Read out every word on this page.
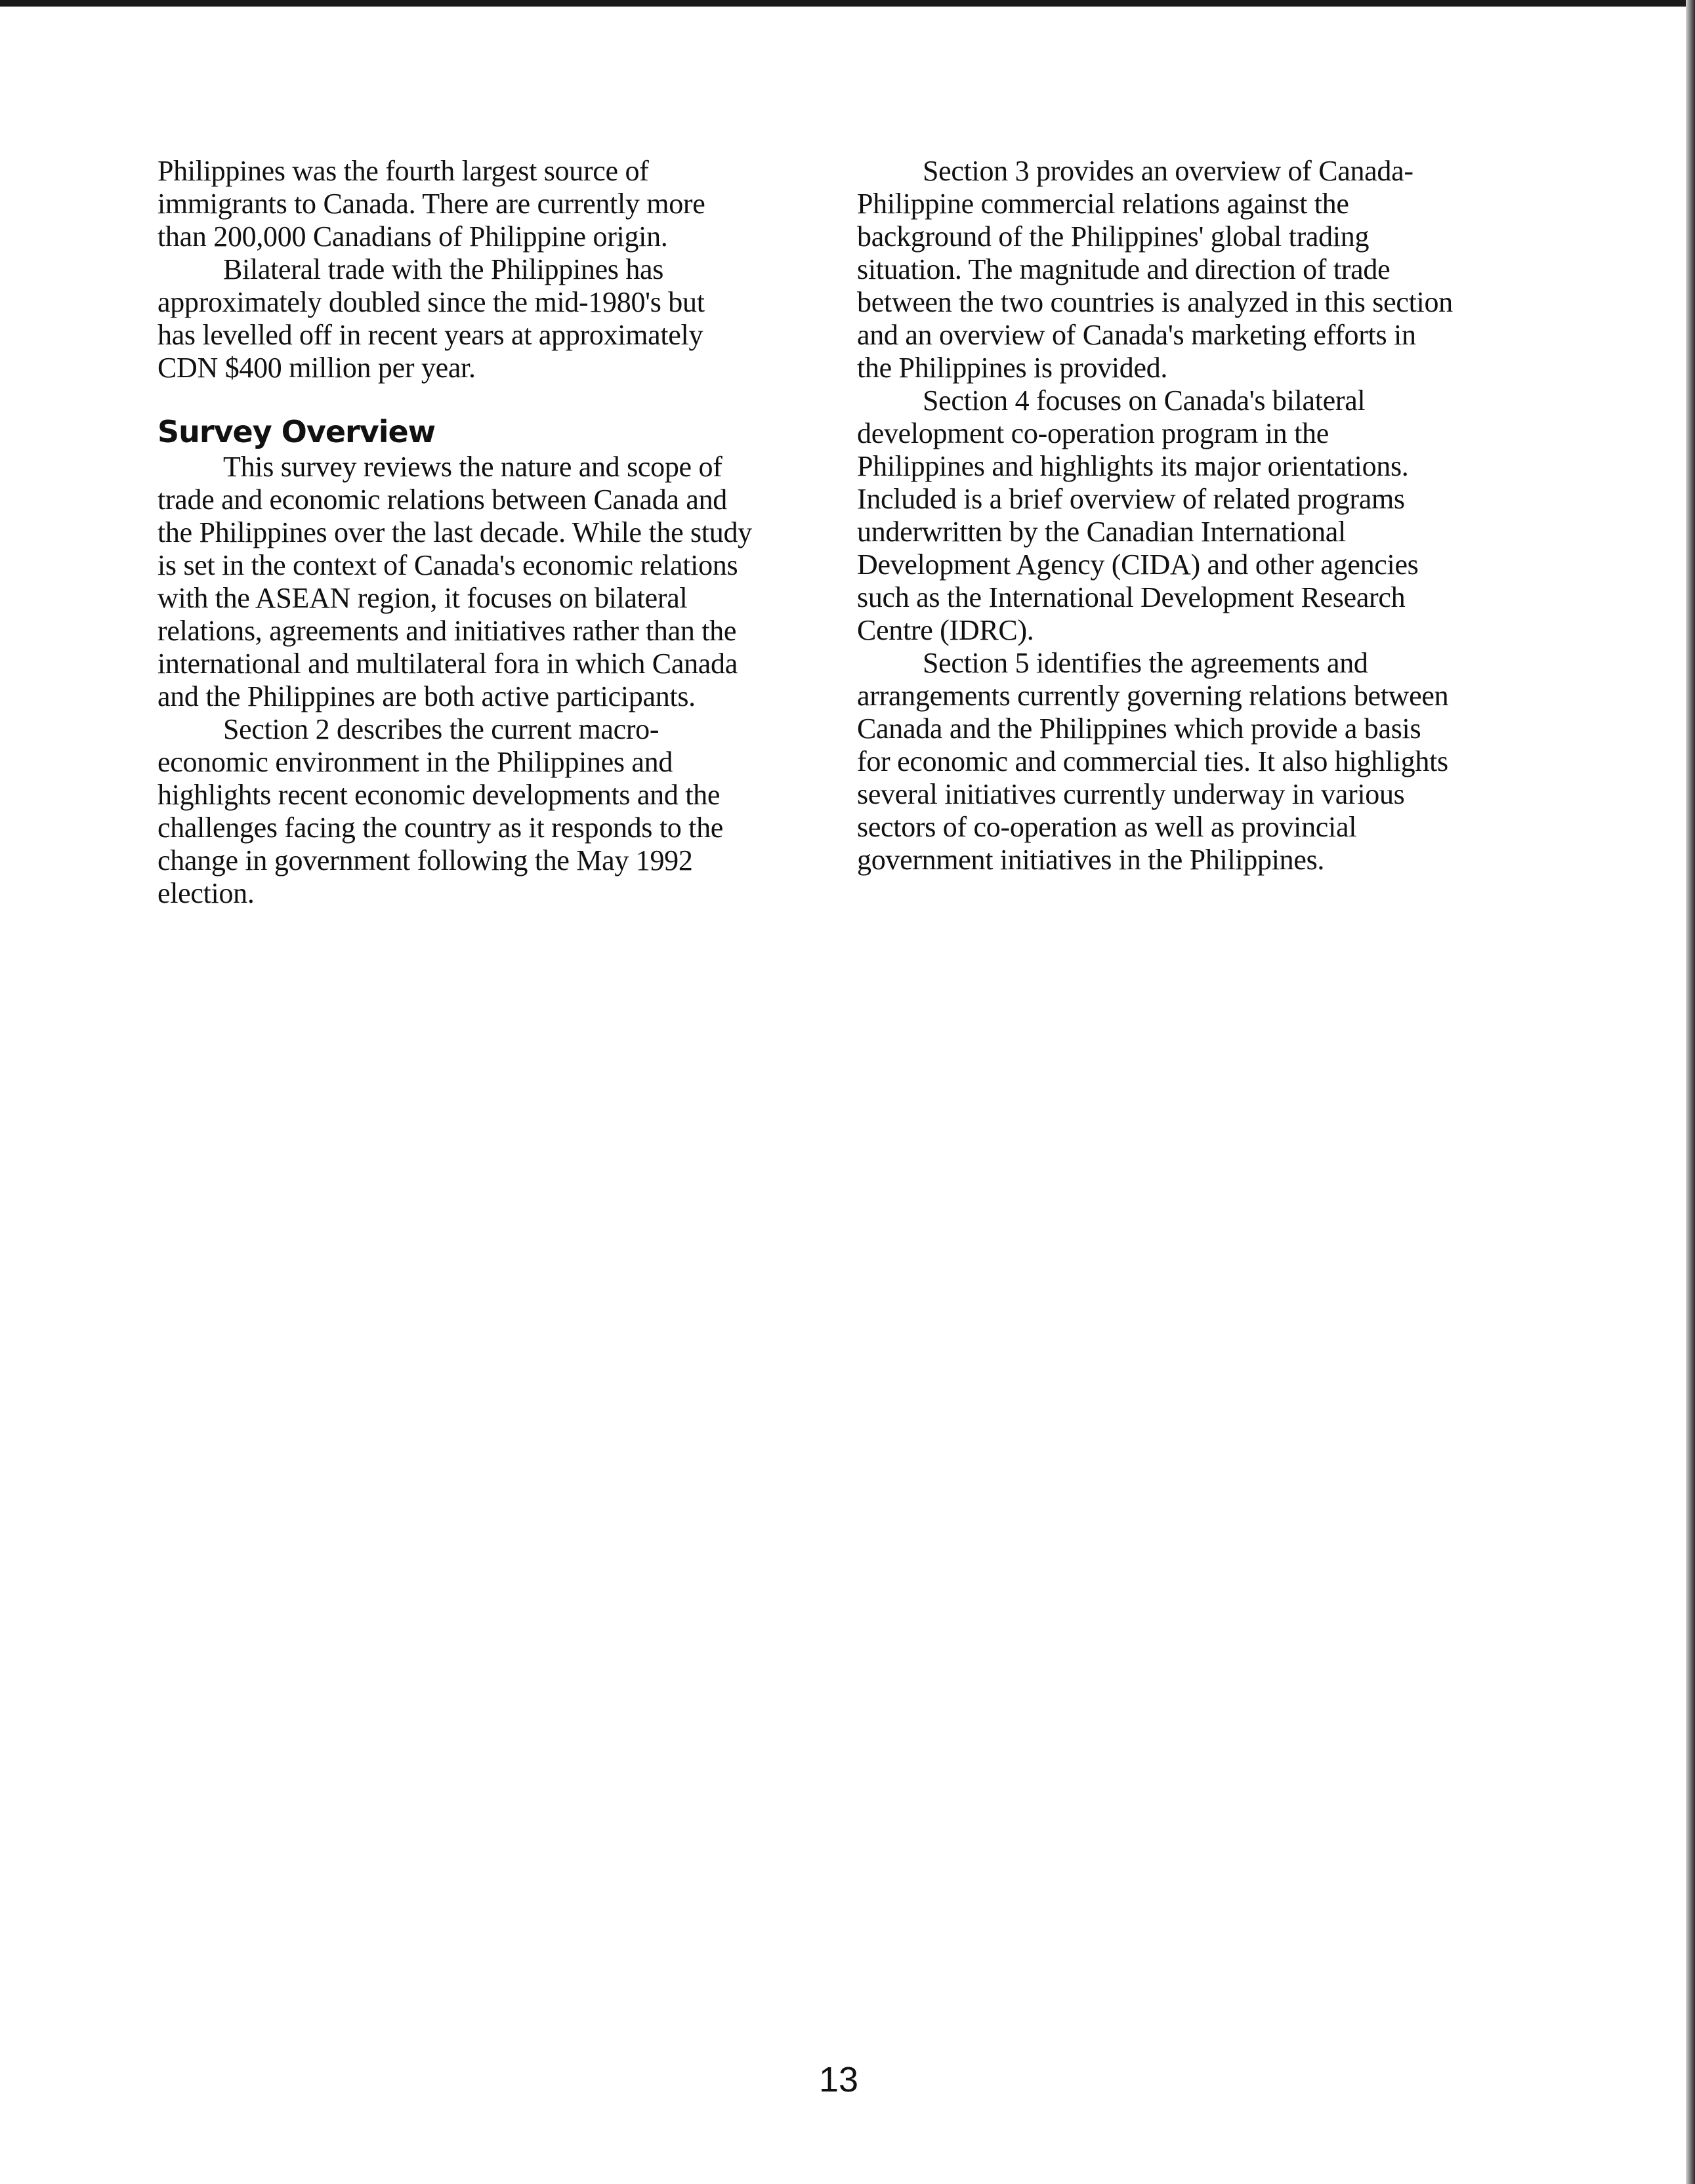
Philippines was the fourth largest source of
immigrants to Canada. There are currently more
than 200,000 Canadians of Philippine origin.

Bilateral trade with the Philippines has
approximately doubled since the mid-1980's but
has levelled off in recent years at approximately
CDN $400 million per year.

Survey Overview

This survey reviews the nature and scope of
trade and economic relations between Canada and
the Philippines over the last decade. While the study
is set in the context of Canada's economic relations
with the ASEAN region, it focuses on bilateral
relations, agreements and initiatives rather than the
international and multilateral fora in which Canada
and the Philippines are both active participants.

Section 2 describes the current macro-
economic environment in the Philippines and
highlights recent economic developments and the
challenges facing the country as it responds to the
change in government following the May 1992
election.

Section 3 provides an overview of Canada-
Philippine commercial relations against the
background of the Philippines' global trading
situation. The magnitude and direction of trade
between the two countries is analyzed in this section
and an overview of Canada's marketing efforts in
the Philippines is provided.

Section 4 focuses on Canada's bilateral
development co-operation program in the
Philippines and highlights its major orientations.
Included is a brief overview of related programs
underwritten by the Canadian International
Development Agency (CIDA) and other agencies
such as the International Development Research
Centre (IDRC).

Section 5 identifies the agreements and
arrangements currently governing relations between
Canada and the Philippines which provide a basis
for economic and commercial ties. It also highlights
several initiatives currently underway in various
sectors of co-operation as well as provincial
government initiatives in the Philippines.

13
